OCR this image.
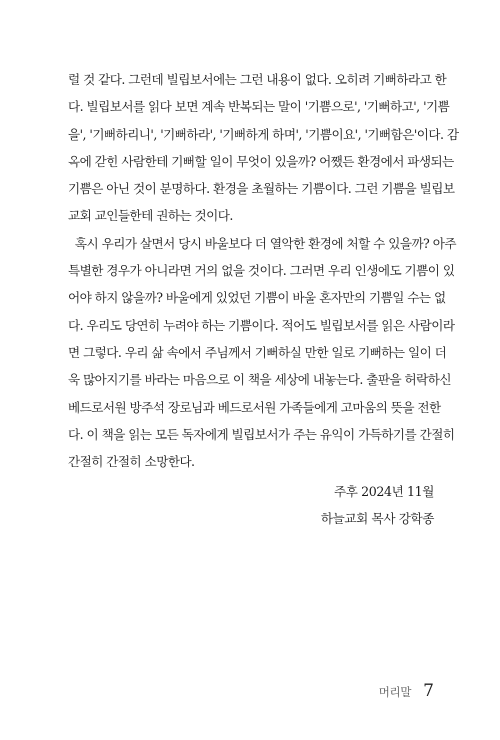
럴 것 같다. 그런데 빌립보서에는 그런 내용이 없다. 오히려 기뻐하라고 한
다. 빌립보서를 읽다 보면 계속 반복되는 말이 '기쁨으로', '기뻐하고', '기쁨
을', '기뻐하리니', '기뻐하라', '기뻐하게 하며', '기쁨이요', '기뻐함은'이다. 감
옥에 갇힌 사람한테 기뻐할 일이 무엇이 있을까? 어쨌든 환경에서 파생되는
기쁨은 아닌 것이 분명하다. 환경을 초월하는 기쁨이다. 그런 기쁨을 빌립보
교회 교인들한테 권하는 것이다.
혹시 우리가 살면서 당시 바울보다 더 열악한 환경에 처할 수 있을까? 아주
특별한 경우가 아니라면 거의 없을 것이다. 그러면 우리 인생에도 기쁨이 있
어야 하지 않을까? 바울에게 있었던 기쁨이 바울 혼자만의 기쁨일 수는 없
다. 우리도 당연히 누려야 하는 기쁨이다. 적어도 빌립보서를 읽은 사람이라
면 그렇다. 우리 삶 속에서 주님께서 기뻐하실 만한 일로 기뻐하는 일이 더
욱 많아지기를 바라는 마음으로 이 책을 세상에 내놓는다. 출판을 허락하신
베드로서원 방주석 장로님과 베드로서원 가족들에게 고마움의 뜻을 전한
다. 이 책을 읽는 모든 독자에게 빌립보서가 주는 유익이 가득하기를 간절히
간절히 간절히 소망한다.
주후 2024년 11월
하늘교회 목사 강학종
머리말 7
